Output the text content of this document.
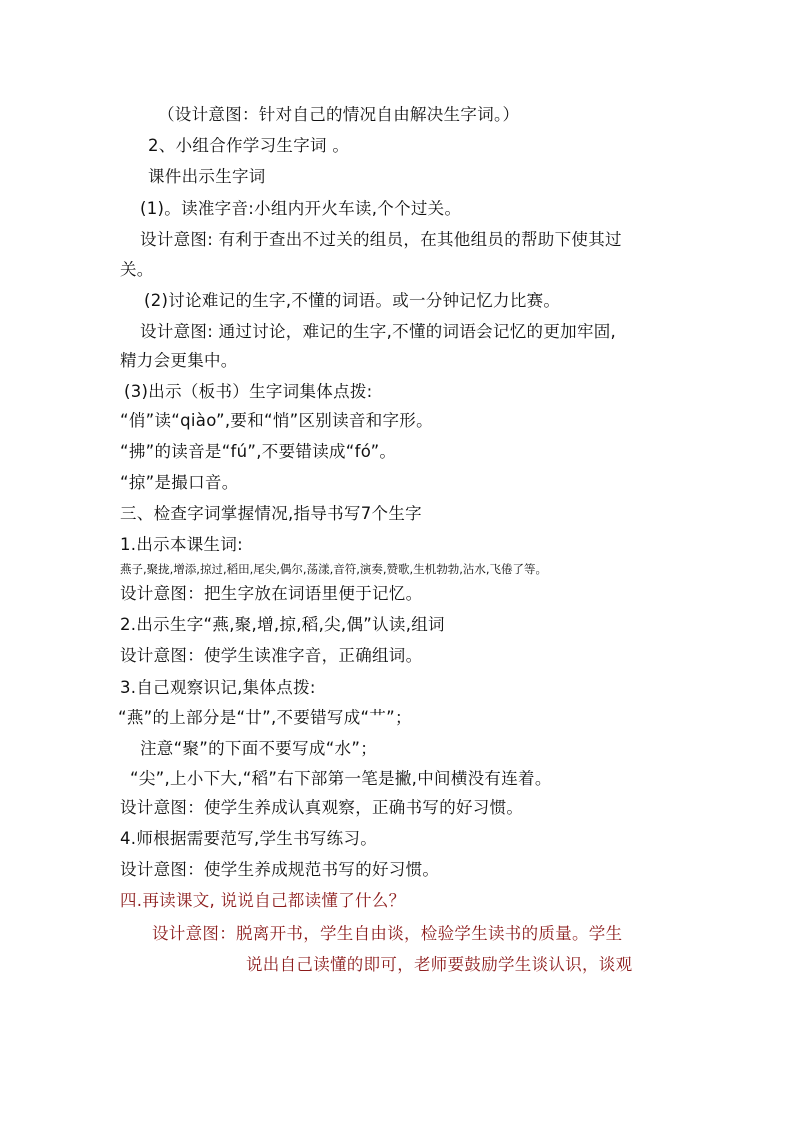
（设计意图：针对自己的情况自由解决生字词。）
2、小组合作学习生字词 。
课件出示生字词
(1)。读准字音:小组内开火车读,个个过关。
设计意图: 有利于查出不过关的组员，在其他组员的帮助下使其过
关。
(2)讨论难记的生字,不懂的词语。或一分钟记忆力比赛。
设计意图: 通过讨论，难记的生字,不懂的词语会记忆的更加牢固,
精力会更集中。
(3)出示（板书）生字词集体点拨:
“俏”读“qiào”,要和“悄”区别读音和字形。
“拂”的读音是“fú”,不要错读成“fó”。
“掠”是撮口音。
三、检查字词掌握情况,指导书写7个生字
1.出示本课生词:
燕子,聚拢,增添,掠过,稻田,尾尖,偶尔,荡漾,音符,演奏,赞歌,生机勃勃,沾水,飞倦了等。
设计意图：把生字放在词语里便于记忆。
2.出示生字“燕,聚,增,掠,稻,尖,偶”认读,组词
设计意图：使学生读准字音，正确组词。
3.自己观察识记,集体点拨:
“燕”的上部分是“廿”,不要错写成“艹”；
注意“聚”的下面不要写成“水”；
“尖”,上小下大,“稻”右下部第一笔是撇,中间横没有连着。
设计意图：使学生养成认真观察，正确书写的好习惯。
4.师根据需要范写,学生书写练习。
设计意图：使学生养成规范书写的好习惯。
四.再读课文, 说说自己都读懂了什么？
设计意图：脱离开书，学生自由谈，检验学生读书的质量。学生
说出自己读懂的即可，老师要鼓励学生谈认识，谈观
